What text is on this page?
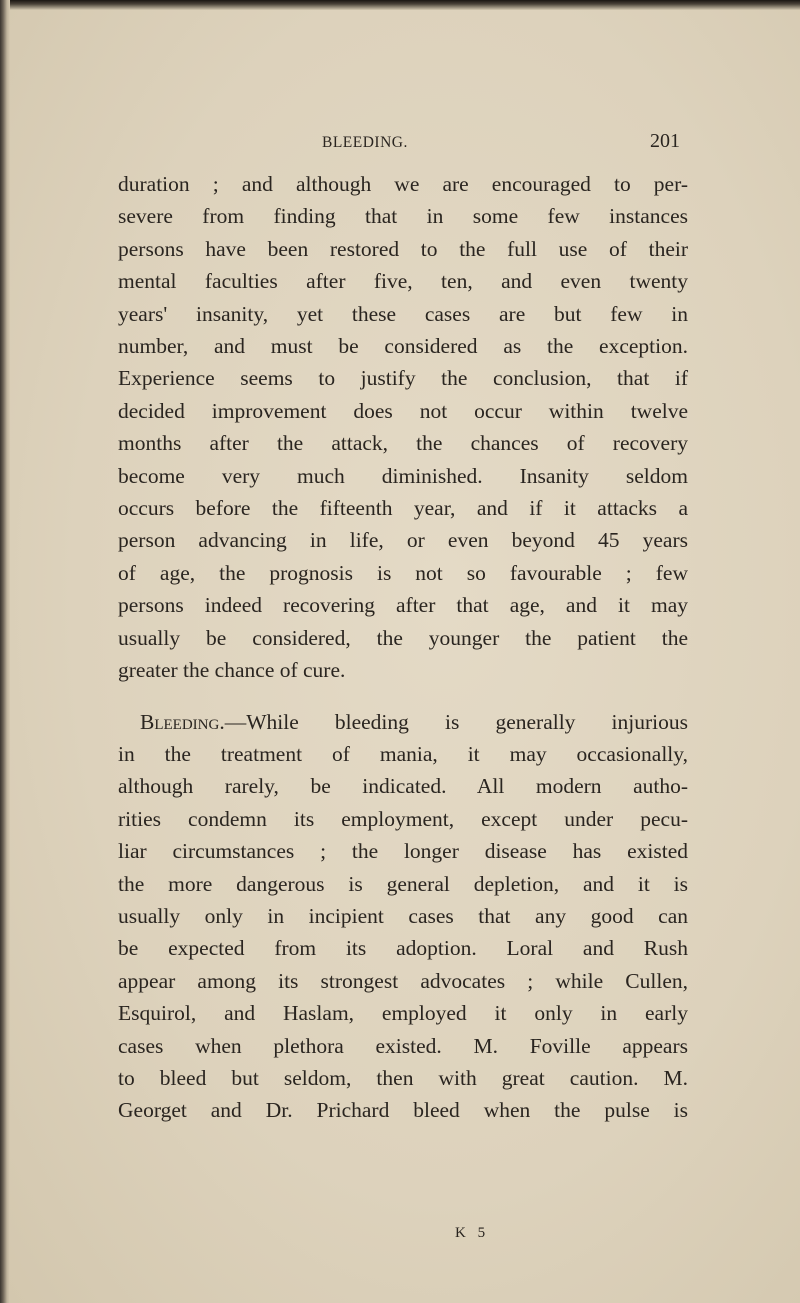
BLEEDING.	201
duration ; and although we are encouraged to per-
severe from finding that in some few instances
persons have been restored to the full use of their
mental faculties after five, ten, and even twenty
years' insanity, yet these cases are but few in
number, and must be considered as the exception.
Experience seems to justify the conclusion, that if
decided improvement does not occur within twelve
months after the attack, the chances of recovery
become very much diminished. Insanity seldom
occurs before the fifteenth year, and if it attacks a
person advancing in life, or even beyond 45 years
of age, the prognosis is not so favourable ; few
persons indeed recovering after that age, and it may
usually be considered, the younger the patient the
greater the chance of cure.
Bleeding.—While bleeding is generally injurious
in the treatment of mania, it may occasionally,
although rarely, be indicated. All modern autho-
rities condemn its employment, except under pecu-
liar circumstances ; the longer disease has existed
the more dangerous is general depletion, and it is
usually only in incipient cases that any good can
be expected from its adoption. Loral and Rush
appear among its strongest advocates ; while Cullen,
Esquirol, and Haslam, employed it only in early
cases when plethora existed. M. Foville appears
to bleed but seldom, then with great caution. M.
Georget and Dr. Prichard bleed when the pulse is
K 5
